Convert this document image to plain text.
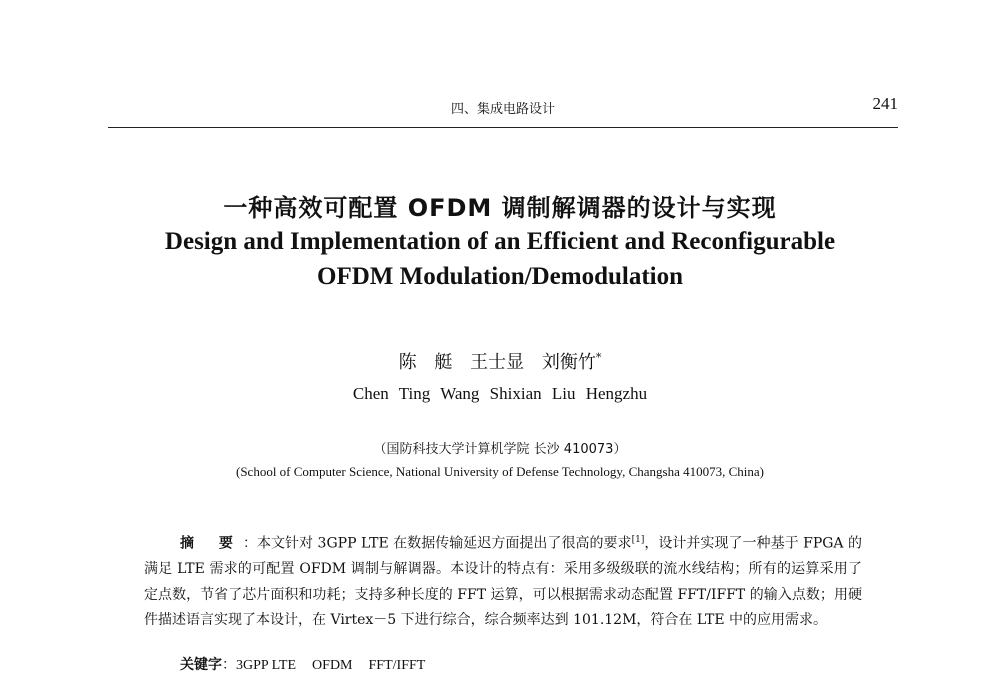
四、集成电路设计	241
一种高效可配置 OFDM 调制解调器的设计与实现
Design and Implementation of an Efficient and Reconfigurable
OFDM Modulation/Demodulation
陈 艇 王士显 刘衡竹*
Chen Ting Wang Shixian Liu Hengzhu
（国防科技大学计算机学院 长沙 410073）
(School of Computer Science, National University of Defense Technology, Changsha 410073, China)

摘 要：本文针对 3GPP LTE 在数据传输延迟方面提出了很高的要求[1]，设计并实现了一种基于 FPGA 的满足 LTE 需求的可配置 OFDM 调制与解调器。本设计的特点有：采用多级级联的流水线结构；所有的运算采用了定点数，节省了芯片面积和功耗；支持多种长度的 FFT 运算，可以根据需求动态配置 FFT/IFFT 的输入点数；用硬件描述语言实现了本设计，在 Virtex－5 下进行综合，综合频率达到 101.12M，符合在 LTE 中的应用需求。

关键字：3GPP LTE OFDM FFT/IFFT
